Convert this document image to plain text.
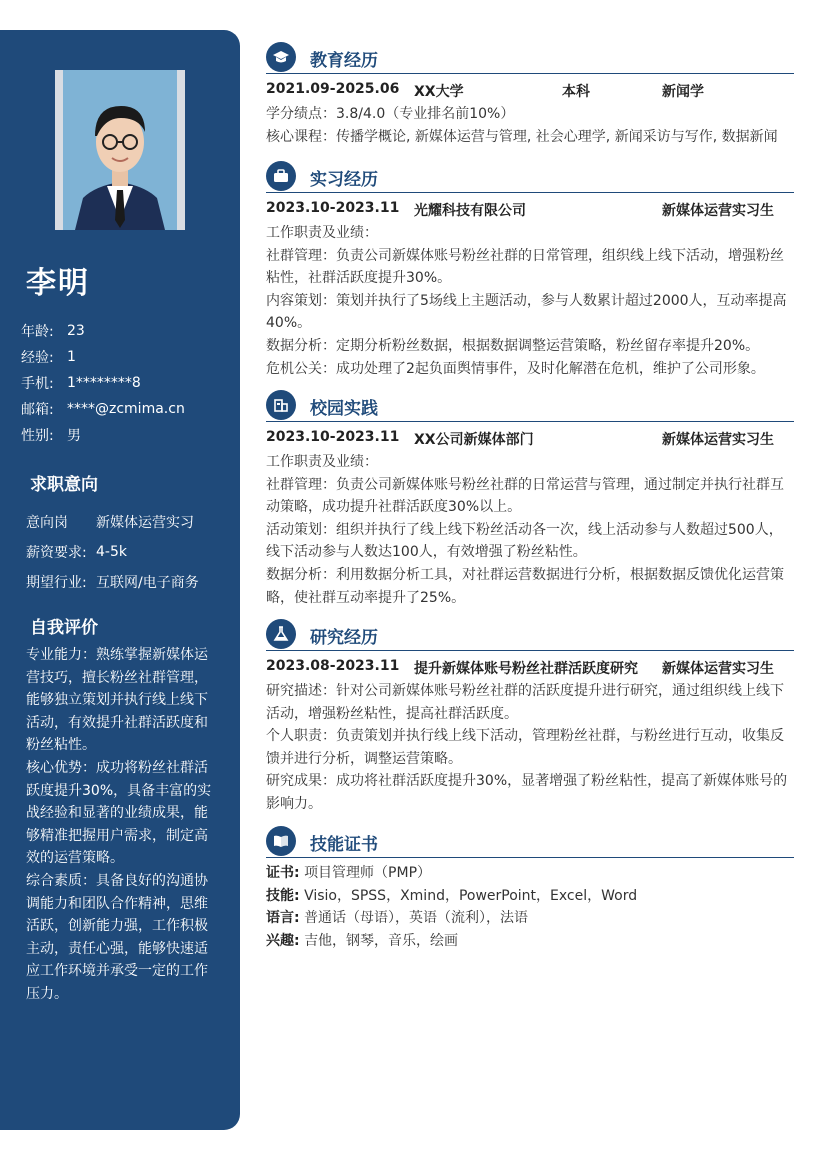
李明
年龄: 23
经验: 1
手机: 1********8
邮箱: ****@zcmima.cn
性别: 男
求职意向
意向岗	新媒体运营实习
薪资要求: 4-5k
期望行业: 互联网/电子商务
自我评价

专业能力：熟练掌握新媒体运营技巧，擅长粉丝社群管理，能够独立策划并执行线上线下活动，有效提升社群活跃度和粉丝粘性。

核心优势：成功将粉丝社群活跃度提升30%，具备丰富的实战经验和显著的业绩成果，能够精准把握用户需求，制定高效的运营策略。

综合素质：具备良好的沟通协调能力和团队合作精神，思维活跃，创新能力强，工作积极主动，责任心强，能够快速适应工作环境并承受一定的工作压力。

教育经历
2021.09-2025.06 XX大学	本科	新闻学

学分绩点：3.8/4.0（专业排名前10%）

核心课程：传播学概论, 新媒体运营与管理, 社会心理学, 新闻采访与写作, 数据新闻

实习经历
2023.10-2023.11 光耀科技有限公司	新媒体运营实习生

工作职责及业绩：

社群管理：负责公司新媒体账号粉丝社群的日常管理，组织线上线下活动，增强粉丝粘性，社群活跃度提升30%。

内容策划：策划并执行了5场线上主题活动，参与人数累计超过2000人，互动率提高40%。

数据分析：定期分析粉丝数据，根据数据调整运营策略，粉丝留存率提升20%。

危机公关：成功处理了2起负面舆情事件，及时化解潜在危机，维护了公司形象。

校园实践
2023.10-2023.11 XX公司新媒体部门	新媒体运营实习生

工作职责及业绩：

社群管理：负责公司新媒体账号粉丝社群的日常运营与管理，通过制定并执行社群互动策略，成功提升社群活跃度30%以上。

活动策划：组织并执行了线上线下粉丝活动各一次，线上活动参与人数超过500人，线下活动参与人数达100人，有效增强了粉丝粘性。

数据分析：利用数据分析工具，对社群运营数据进行分析，根据数据反馈优化运营策略，使社群互动率提升了25%。

研究经历
2023.08-2023.11 提升新媒体账号粉丝社群活跃度研究 新媒体运营实习生

研究描述：针对公司新媒体账号粉丝社群的活跃度提升进行研究，通过组织线上线下活动，增强粉丝粘性，提高社群活跃度。

个人职责：负责策划并执行线上线下活动，管理粉丝社群，与粉丝进行互动，收集反馈并进行分析，调整运营策略。

研究成果：成功将社群活跃度提升30%，显著增强了粉丝粘性，提高了新媒体账号的影响力。

技能证书
证书: 项目管理师（PMP）
技能: Visio，SPSS，Xmind，PowerPoint，Excel，Word
语言: 普通话（母语），英语（流利），法语
兴趣: 吉他，钢琴，音乐，绘画
